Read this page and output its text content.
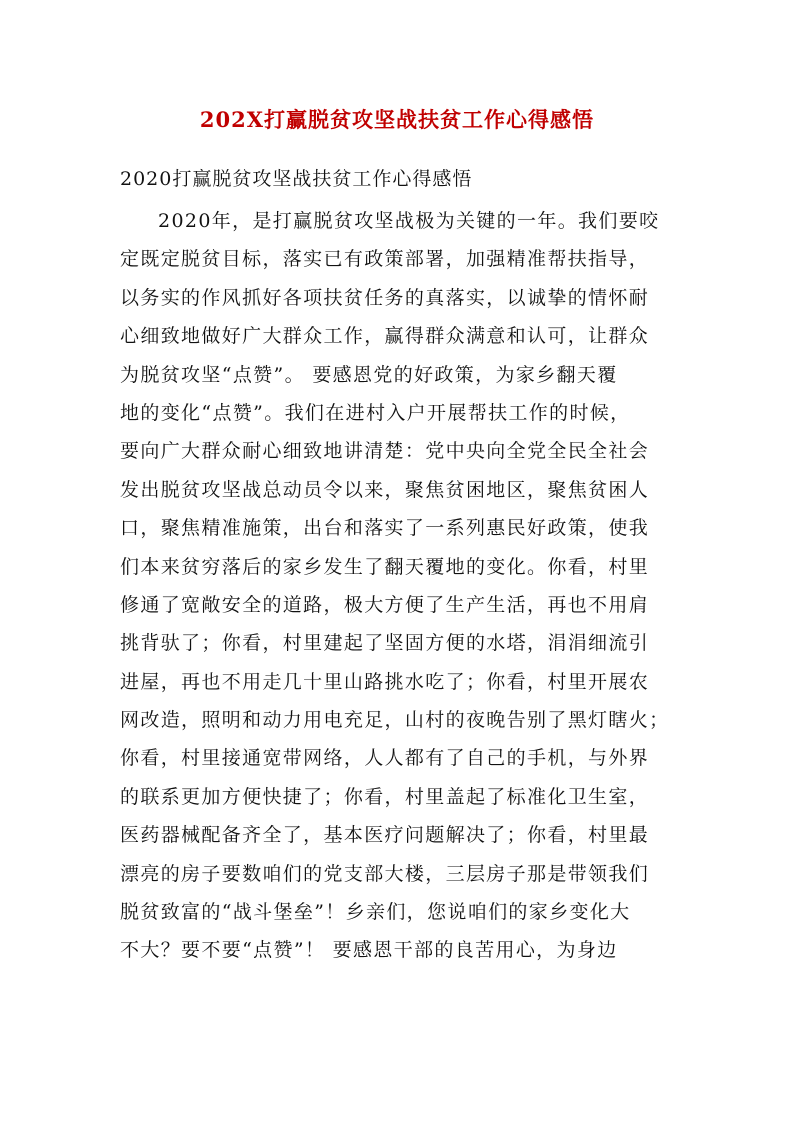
202X打赢脱贫攻坚战扶贫工作心得感悟

2020打赢脱贫攻坚战扶贫工作心得感悟

2020年，是打赢脱贫攻坚战极为关键的一年。我们要咬
定既定脱贫目标，落实已有政策部署，加强精准帮扶指导，
以务实的作风抓好各项扶贫任务的真落实，以诚挚的情怀耐
心细致地做好广大群众工作，赢得群众满意和认可，让群众
为脱贫攻坚“点赞”。 要感恩党的好政策，为家乡翻天覆
地的变化“点赞”。我们在进村入户开展帮扶工作的时候，
要向广大群众耐心细致地讲清楚：党中央向全党全民全社会
发出脱贫攻坚战总动员令以来，聚焦贫困地区，聚焦贫困人
口，聚焦精准施策，出台和落实了一系列惠民好政策，使我
们本来贫穷落后的家乡发生了翻天覆地的变化。你看，村里
修通了宽敞安全的道路，极大方便了生产生活，再也不用肩
挑背驮了；你看，村里建起了坚固方便的水塔，涓涓细流引
进屋，再也不用走几十里山路挑水吃了；你看，村里开展农
网改造，照明和动力用电充足，山村的夜晚告别了黑灯瞎火；
你看，村里接通宽带网络，人人都有了自己的手机，与外界
的联系更加方便快捷了；你看，村里盖起了标准化卫生室，
医药器械配备齐全了，基本医疗问题解决了；你看，村里最
漂亮的房子要数咱们的党支部大楼，三层房子那是带领我们
脱贫致富的“战斗堡垒”！乡亲们，您说咱们的家乡变化大
不大？要不要“点赞”！ 要感恩干部的良苦用心，为身边
